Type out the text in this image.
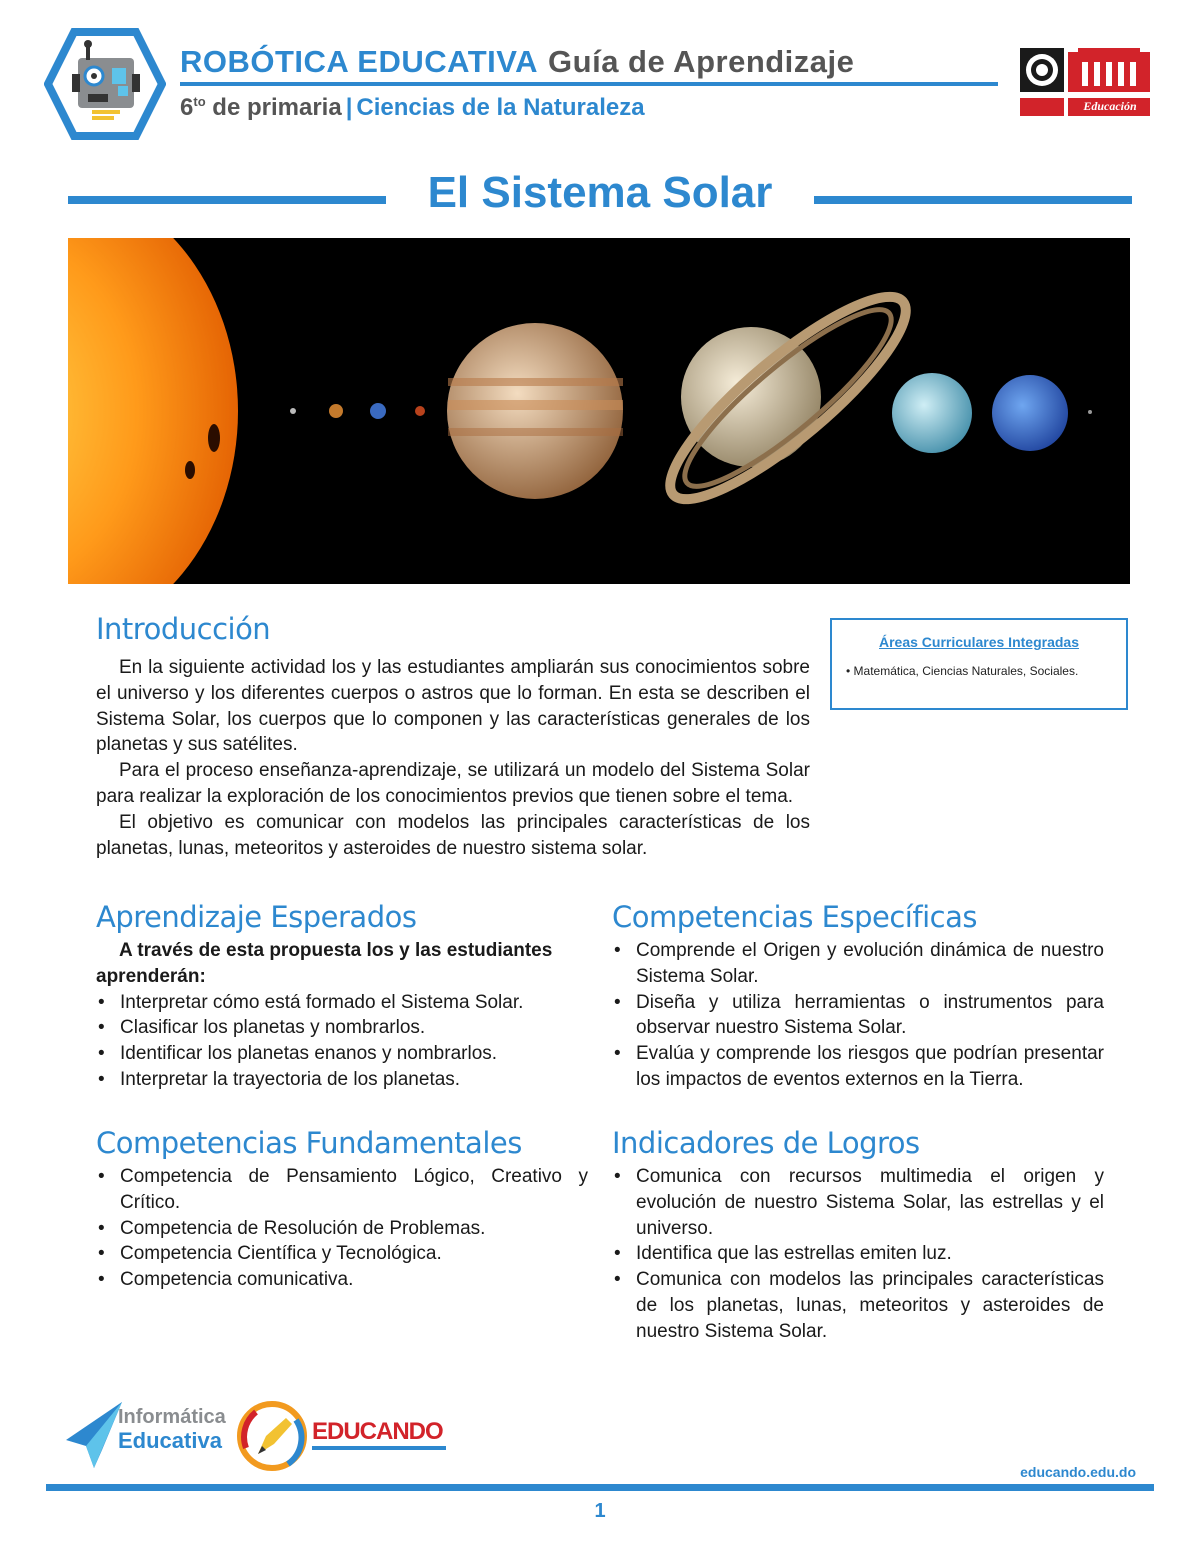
ROBÓTICA EDUCATIVA Guía de Aprendizaje
$6^{to}$ de primaria | Ciencias de la Naturaleza	Educación
El Sistema Solar
Introducción

En la siguiente actividad los y las estudiantes ampliarán sus conocimientos sobre el universo y los diferentes cuerpos o astros que lo forman. En esta se describen el Sistema Solar, los cuerpos que lo componen y las características generales de los planetas y sus satélites.

Para el proceso enseñanza-aprendizaje, se utilizará un modelo del Sistema Solar para realizar la exploración de los conocimientos previos que tienen sobre el tema.

El objetivo es comunicar con modelos las principales características de los planetas, lunas, meteoritos y asteroides de nuestro sistema solar.

Áreas Curriculares Integradas
• Matemática, Ciencias Naturales, Sociales.
Aprendizaje Esperados

A través de esta propuesta los y las estudiantes aprenderán:

• Interpretar cómo está formado el Sistema Solar.
• Clasificar los planetas y nombrarlos.
• Identificar los planetas enanos y nombrarlos.
• Interpretar la trayectoria de los planetas.
Competencias Específicas
• Comprende el Origen y evolución dinámica de nuestro Sistema Solar.
• Diseña y utiliza herramientas o instrumentos para observar nuestro Sistema Solar.
• Evalúa y comprende los riesgos que podrían presentar los impactos de eventos externos en la Tierra.
Competencias Fundamentales
• Competencia de Pensamiento Lógico, Creativo y Crítico.
• Competencia de Resolución de Problemas.
• Competencia Científica y Tecnológica.
• Competencia comunicativa.
Indicadores de Logros
• Comunica con recursos multimedia el origen y evolución de nuestro Sistema Solar, las estrellas y el universo.
• Identifica que las estrellas emiten luz.
• Comunica con modelos las principales características de los planetas, lunas, meteoritos y asteroides de nuestro Sistema Solar.
Informática
Educativa	EDUCANDO
educando.edu.do
1
